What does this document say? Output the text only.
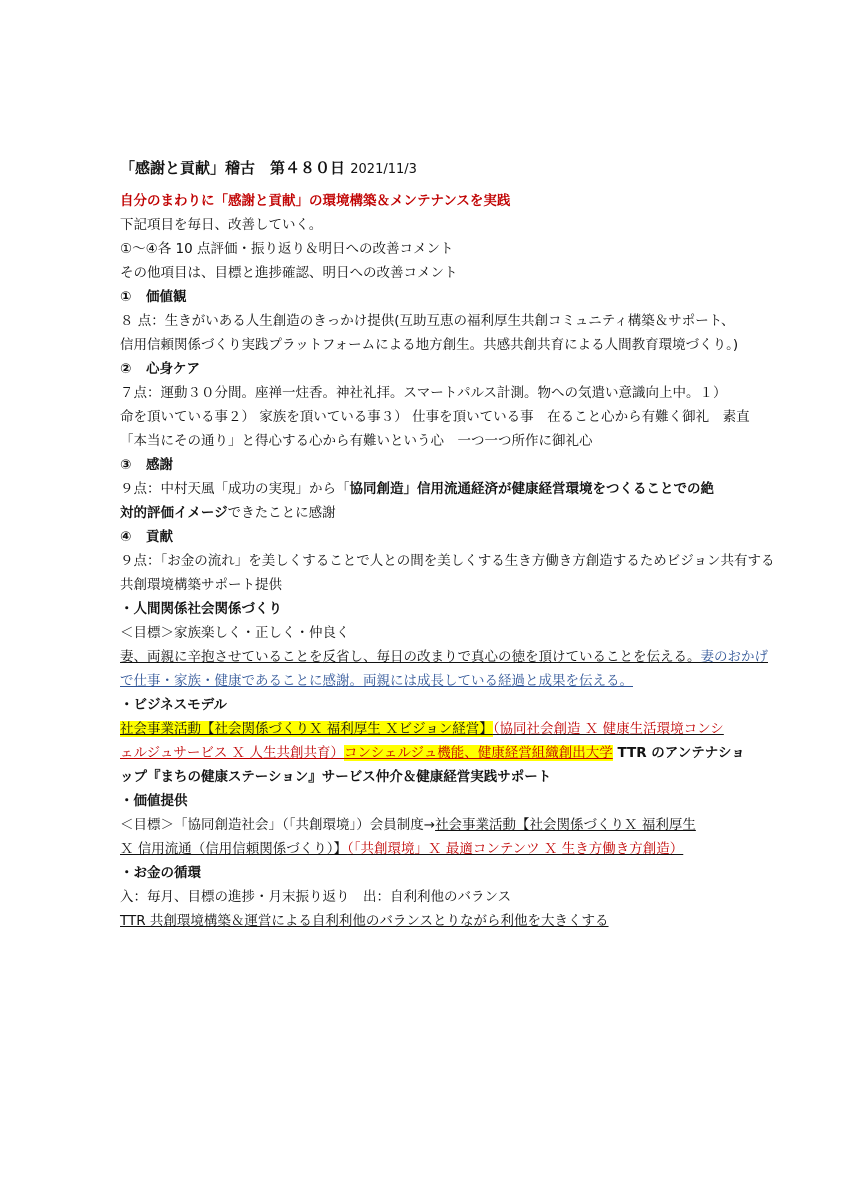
「感謝と貢献」稽古　第４８０日 2021/11/3
自分のまわりに「感謝と貢献」の環境構築＆メンテナンスを実践
下記項目を毎日、改善していく。
①～④各 10 点評価・振り返り＆明日への改善コメント
その他項目は、目標と進捗確認、明日への改善コメント
① 価値観
８ 点：生きがいある人生創造のきっかけ提供(互助互恵の福利厚生共創コミュニティ構築＆サポート、
信用信頼関係づくり実践プラットフォームによる地方創生。共感共創共育による人間教育環境づくり。)
② 心身ケア
７点：運動３０分間。座禅一炷香。神社礼拝。スマートパルス計測。物への気遣い意識向上中。１）
命を頂いている事２） 家族を頂いている事３） 仕事を頂いている事　在ること心から有難く御礼　素直
「本当にその通り」と得心する心から有難いという心　一つ一つ所作に御礼心
③ 感謝
９点：中村天風「成功の実現」から「協同創造」信用流通経済が健康経営環境をつくることでの絶
対的評価イメージできたことに感謝
④ 貢献
９点：「お金の流れ」を美しくすることで人との間を美しくする生き方働き方創造するためビジョン共有する
共創環境構築サポート提供
・人間関係社会関係づくり
＜目標＞家族楽しく・正しく・仲良く
妻、両親に辛抱させていることを反省し、毎日の改まりで真心の徳を頂けていることを伝える。妻のおかげ
で仕事・家族・健康であることに感謝。両親には成長している経過と成果を伝える。
・ビジネスモデル
社会事業活動【社会関係づくりＸ 福利厚生 Ｘビジョン経営】（協同社会創造 Ｘ 健康生活環境コンシ
ェルジュサービス Ｘ 人生共創共育）コンシェルジュ機能、健康経営組織創出大学 TTR のアンテナショ
ップ『まちの健康ステーション』サービス仲介＆健康経営実践サポート
・価値提供
＜目標＞「協同創造社会」（「共創環境」）会員制度→社会事業活動【社会関係づくりＸ 福利厚生
Ｘ 信用流通（信用信頼関係づくり）】（「共創環境」Ｘ 最適コンテンツ Ｘ 生き方働き方創造）
・お金の循環
入：毎月、目標の進捗・月末振り返り　出：自利利他のバランス
TTR 共創環境構築＆運営による自利利他のバランスとりながら利他を大きくする
